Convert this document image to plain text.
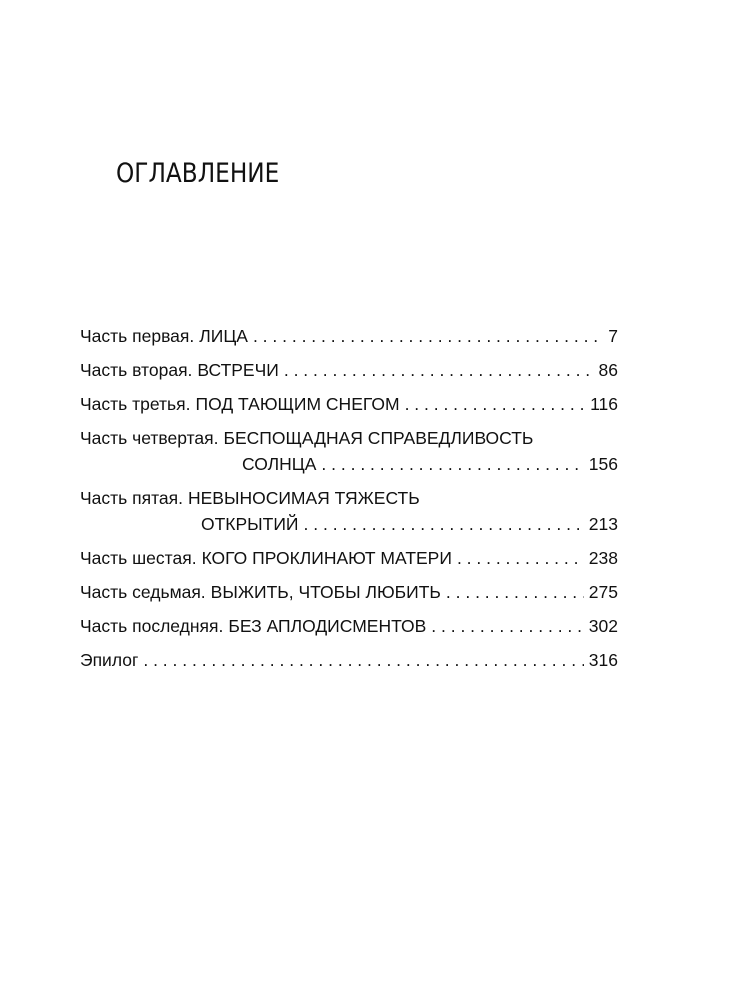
ОГЛАВЛЕНИЕ
Часть первая. ЛИЦА . . .	7
Часть вторая. ВСТРЕЧИ . . .	86
Часть третья. ПОД ТАЮЩИМ СНЕГОМ . . .	116
Часть четвертая. БЕСПОЩАДНАЯ СПРАВЕДЛИВОСТЬ
СОЛНЦА . . .	156
Часть пятая. НЕВЫНОСИМАЯ ТЯЖЕСТЬ
ОТКРЫТИЙ . . .	213
Часть шестая. КОГО ПРОКЛИНАЮТ МАТЕРИ . . .	238
Часть седьмая. ВЫЖИТЬ, ЧТОБЫ ЛЮБИТЬ . . .	275
Часть последняя. БЕЗ АПЛОДИСМЕНТОВ . . .	302
Эпилог . . .	316
